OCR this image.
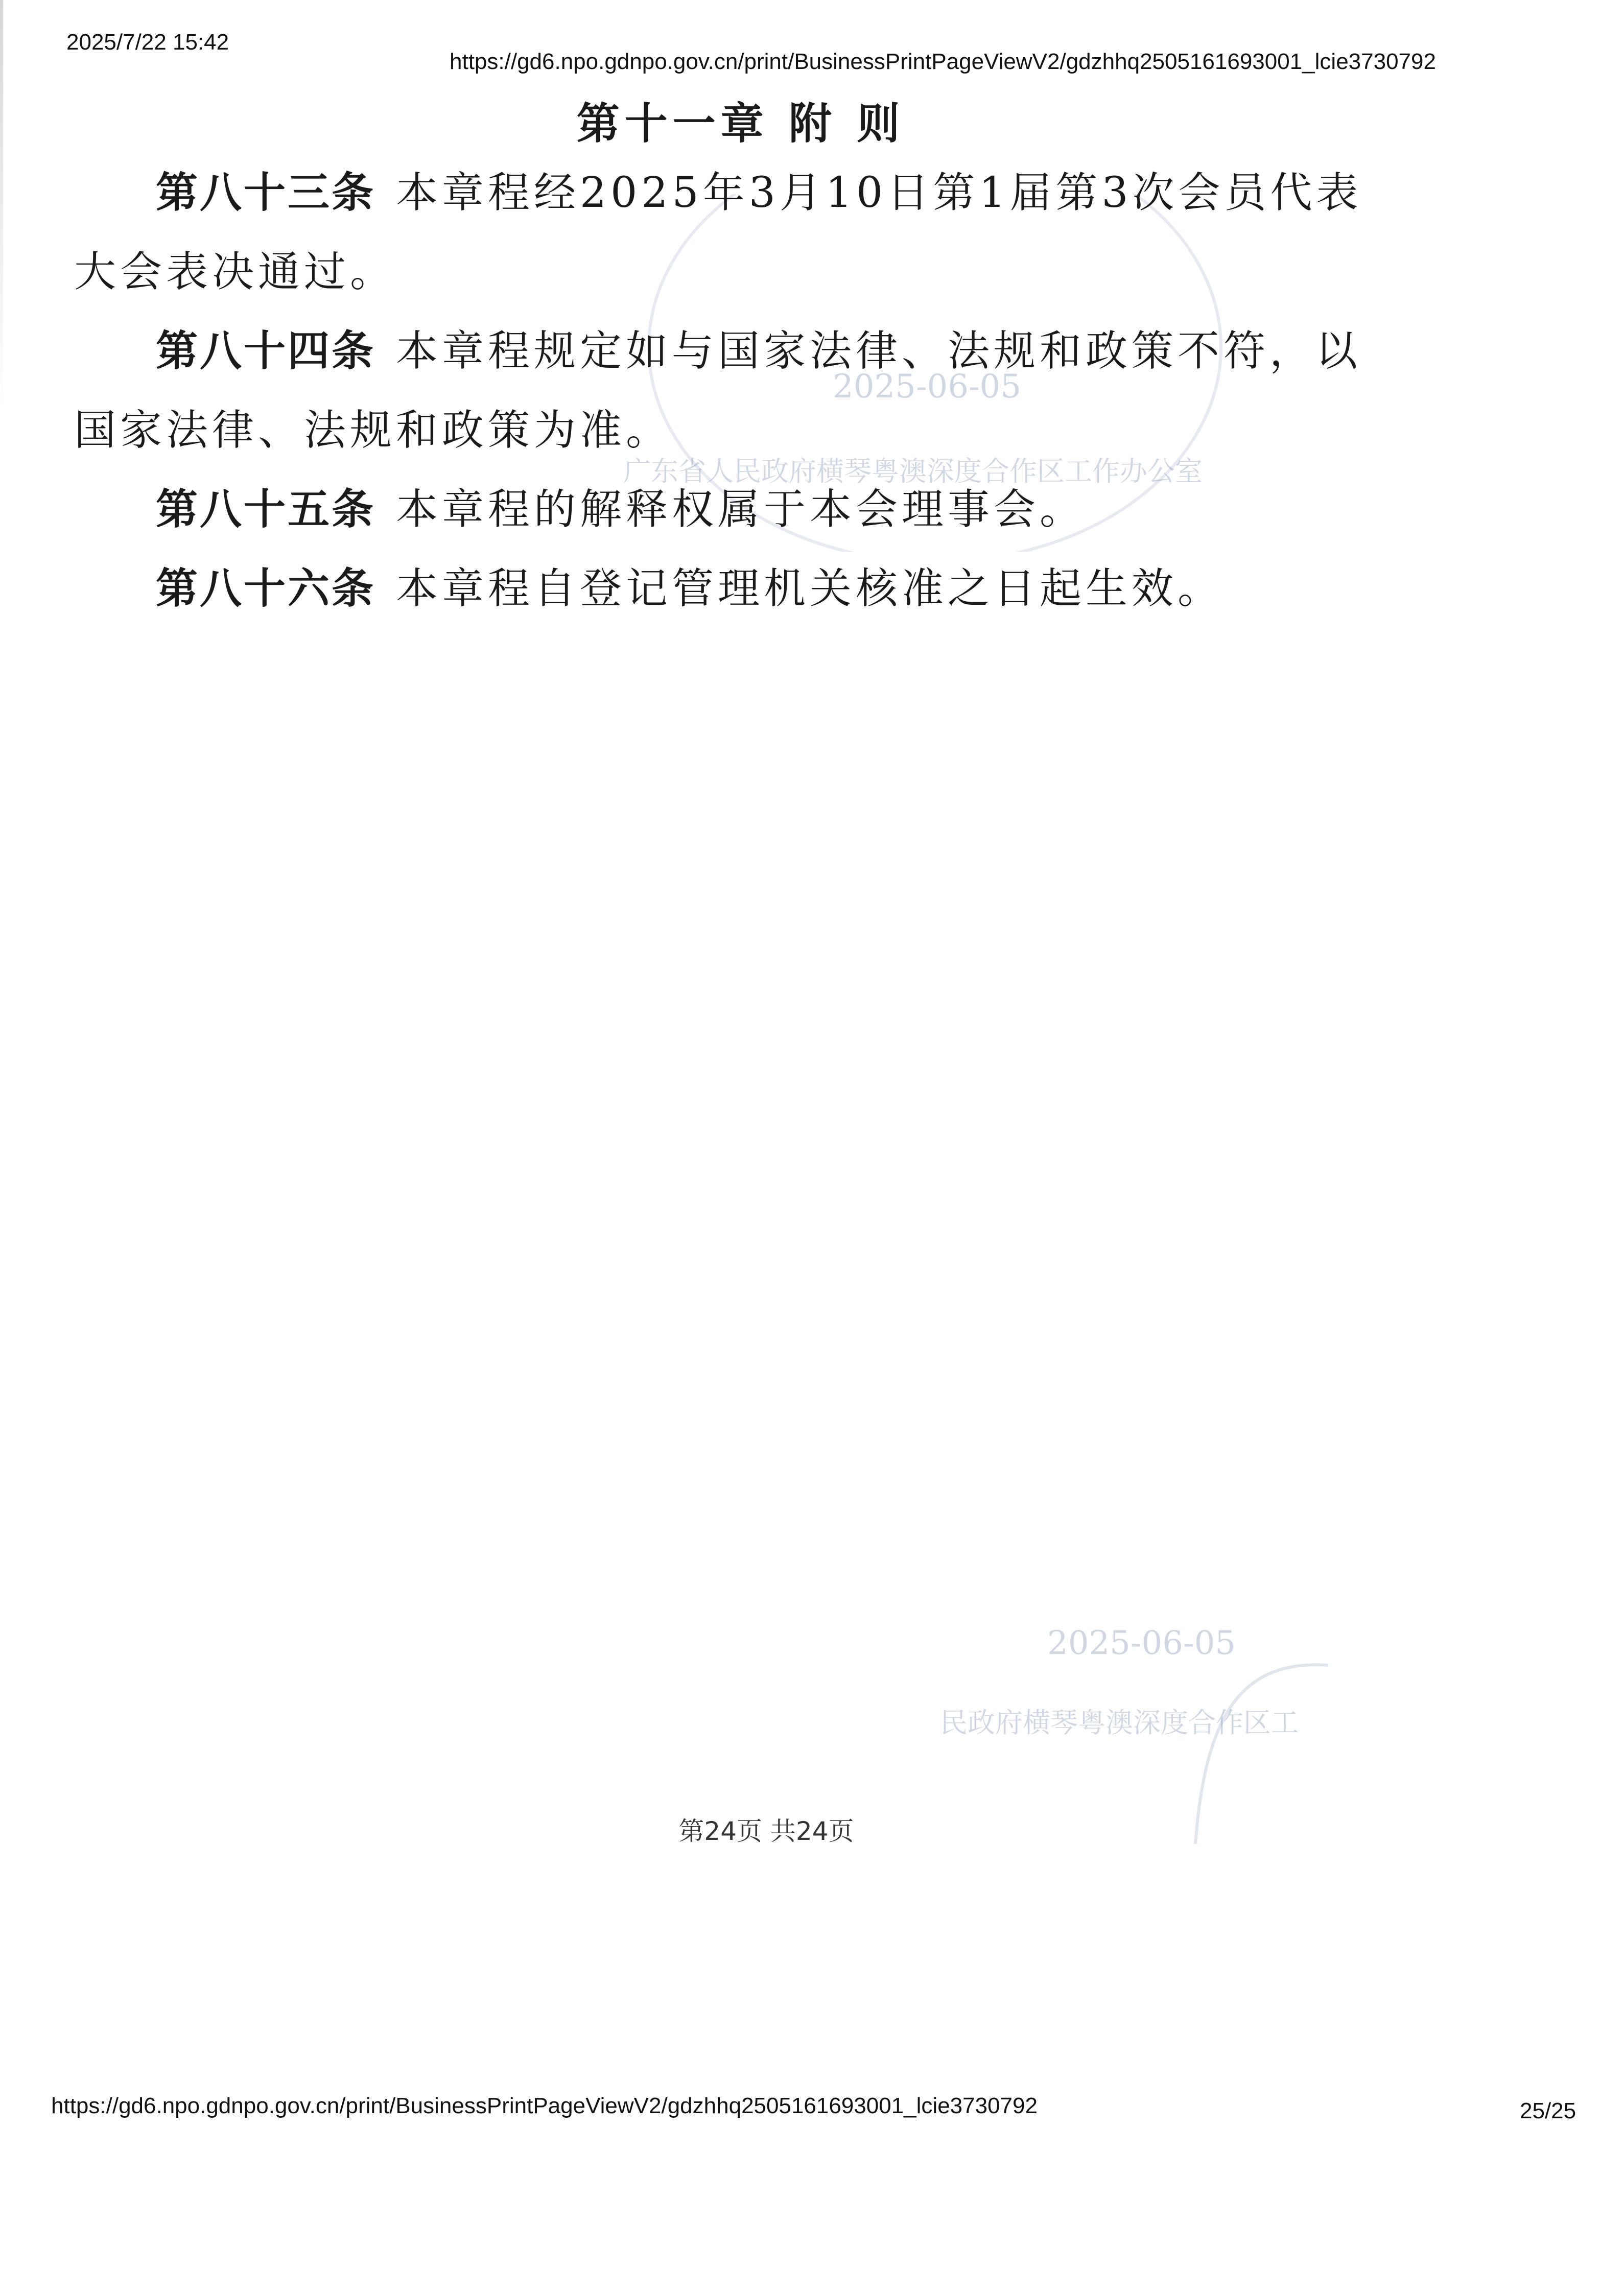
2025/7/22 15:42
https://gd6.npo.gdnpo.gov.cn/print/BusinessPrintPageViewV2/gdzhhq2505161693001_lcie3730792
2025-06-05
广东省人民政府横琴粤澳深度合作区工作办公室
第十一章 附 则

第八十三条 本章程经2025年3月10日第1届第3次会员代表大会表决通过。

第八十四条 本章程规定如与国家法律、法规和政策不符，以国家法律、法规和政策为准。

第八十五条 本章程的解释权属于本会理事会。

第八十六条 本章程自登记管理机关核准之日起生效。

2025-06-05
民政府横琴粤澳深度合作区工
第24页 共24页
https://gd6.npo.gdnpo.gov.cn/print/BusinessPrintPageViewV2/gdzhhq2505161693001_lcie3730792	25/25
